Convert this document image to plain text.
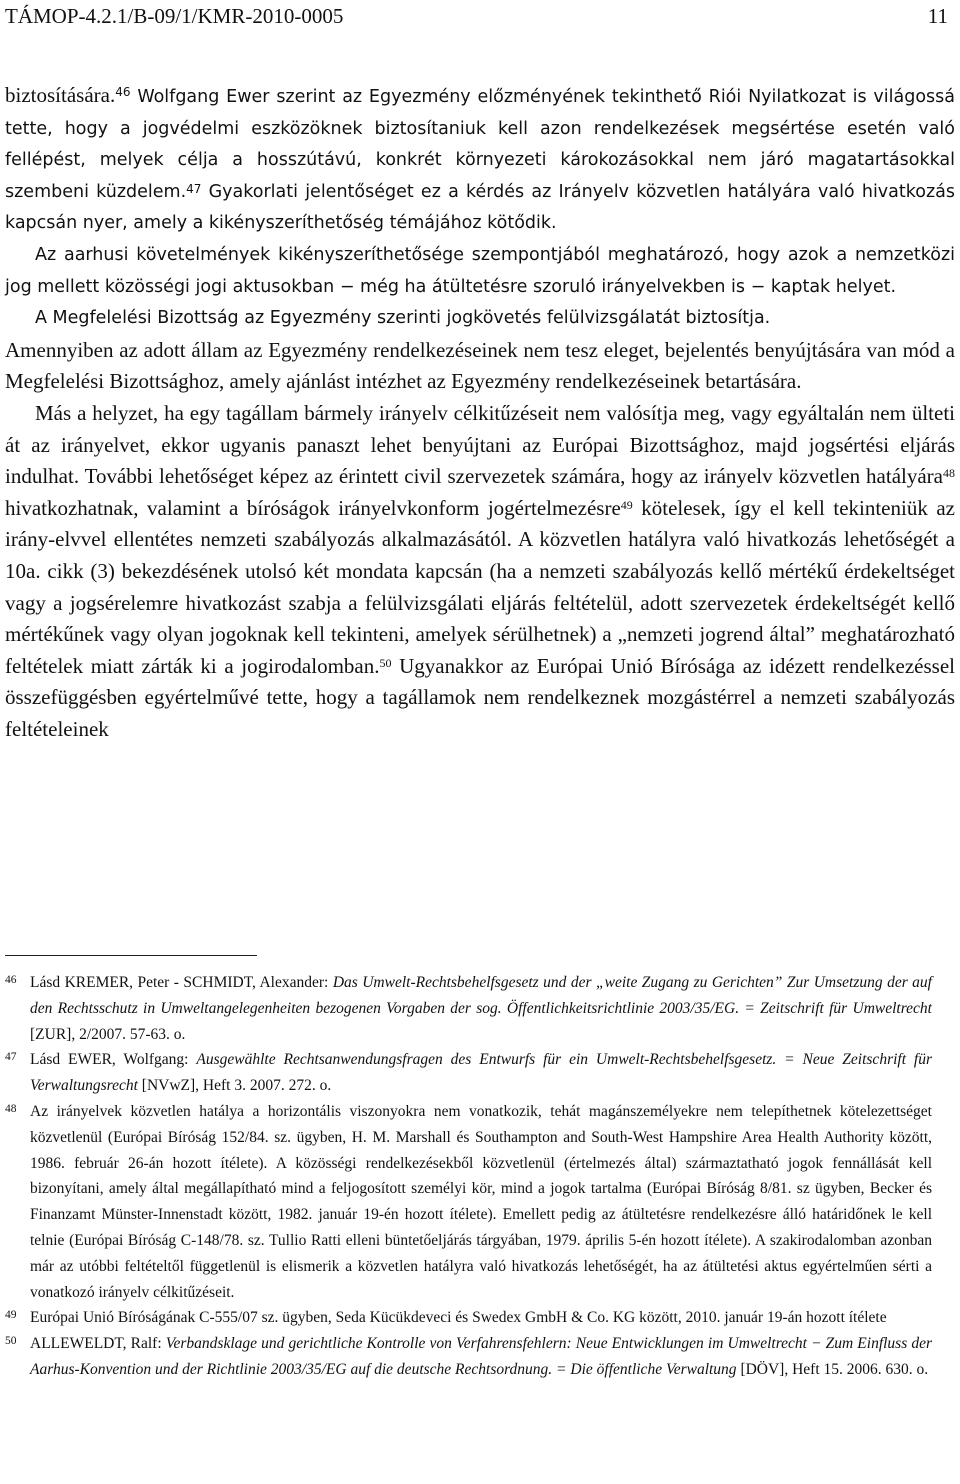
TÁMOP-4.2.1/B-09/1/KMR-2010-0005	11

biztosítására.$^{46}$ Wolfgang Ewer szerint az Egyezmény előzményének tekinthető Riói Nyilatkozat is világossá tette, hogy a jogvédelmi eszközöknek biztosítaniuk kell azon rendelkezések megsértése esetén való fellépést, melyek célja a hosszútávú, konkrét környezeti károkozásokkal nem járó magatartásokkal szembeni küzdelem.$^{47}$ Gyakorlati jelentőséget ez a kérdés az Irányelv közvetlen hatályára való hivatkozás kapcsán nyer, amely a kikényszeríthetőség témájához kötődik.

Az aarhusi követelmények kikényszeríthetősége szempontjából meghatározó, hogy azok a nemzetközi jog mellett közösségi jogi aktusokban − még ha átültetésre szoruló irányelvekben is − kaptak helyet.

A Megfelelési Bizottság az Egyezmény szerinti jogkövetés felülvizsgálatát biztosítja.

Amennyiben az adott állam az Egyezmény rendelkezéseinek nem tesz eleget, bejelentés benyújtására van mód a Megfelelési Bizottsághoz, amely ajánlást intézhet az Egyezmény rendelkezéseinek betartására.

Más a helyzet, ha egy tagállam bármely irányelv célkitűzéseit nem valósítja meg, vagy egyáltalán nem ülteti át az irányelvet, ekkor ugyanis panaszt lehet benyújtani az Európai Bizottsághoz, majd jogsértési eljárás indulhat. További lehetőséget képez az érintett civil szervezetek számára, hogy az irányelv közvetlen hatályára$^{48}$ hivatkozhatnak, valamint a bíróságok irányelvkonform jogértelmezésre$^{49}$ kötelesek, így el kell tekinteniük az irány-elvvel ellentétes nemzeti szabályozás alkalmazásától. A közvetlen hatályra való hivatkozás lehetőségét a 10a. cikk (3) bekezdésének utolsó két mondata kapcsán (ha a nemzeti szabályozás kellő mértékű érdekeltséget vagy a jogsérelemre hivatkozást szabja a felülvizsgálati eljárás feltételül, adott szervezetek érdekeltségét kellő mértékűnek vagy olyan jogoknak kell tekinteni, amelyek sérülhetnek) a „nemzeti jogrend által” meghatározható feltételek miatt zárták ki a jogirodalomban.$^{50}$ Ugyanakkor az Európai Unió Bírósága az idézett rendelkezéssel összefüggésben egyértelművé tette, hogy a tagállamok nem rendelkeznek mozgástérrel a nemzeti szabályozás feltételeinek

46 Lásd KREMER, Peter - SCHMIDT, Alexander: Das Umwelt-Rechtsbehelfsgesetz und der „weite Zugang zu Gerichten” Zur Umsetzung der auf den Rechtsschutz in Umweltangelegenheiten bezogenen Vorgaben der sog. Öffentlichkeitsrichtlinie 2003/35/EG. = Zeitschrift für Umweltrecht [ZUR], 2/2007. 57-63. o.

47 Lásd EWER, Wolfgang: Ausgewählte Rechtsanwendungsfragen des Entwurfs für ein Umwelt-Rechtsbehelfsgesetz. = Neue Zeitschrift für Verwaltungsrecht [NVwZ], Heft 3. 2007. 272. o.

48 Az irányelvek közvetlen hatálya a horizontális viszonyokra nem vonatkozik, tehát magánszemélyekre nem telepíthetnek kötelezettséget közvetlenül (Európai Bíróság 152/84. sz. ügyben, H. M. Marshall és Southampton and South-West Hampshire Area Health Authority között, 1986. február 26-án hozott ítélete). A közösségi rendelkezésekből közvetlenül (értelmezés által) származtatható jogok fennállását kell bizonyítani, amely által megállapítható mind a feljogosított személyi kör, mind a jogok tartalma (Európai Bíróság 8/81. sz ügyben, Becker és Finanzamt Münster-Innenstadt között, 1982. január 19-én hozott ítélete). Emellett pedig az átültetésre rendelkezésre álló határidőnek le kell telnie (Európai Bíróság C-148/78. sz. Tullio Ratti elleni büntetőeljárás tárgyában, 1979. április 5-én hozott ítélete). A szakirodalomban azonban már az utóbbi feltételtől függetlenül is elismerik a közvetlen hatályra való hivatkozás lehetőségét, ha az átültetési aktus egyértelműen sérti a vonatkozó irányelv célkitűzéseit.

49 Európai Unió Bíróságának C-555/07 sz. ügyben, Seda Kücükdeveci és Swedex GmbH & Co. KG között, 2010. január 19-án hozott ítélete

50 ALLEWELDT, Ralf: Verbandsklage und gerichtliche Kontrolle von Verfahrensfehlern: Neue Entwicklungen im Umweltrecht − Zum Einfluss der Aarhus-Konvention und der Richtlinie 2003/35/EG auf die deutsche Rechtsordnung. = Die öffentliche Verwaltung [DÖV], Heft 15. 2006. 630. o.
